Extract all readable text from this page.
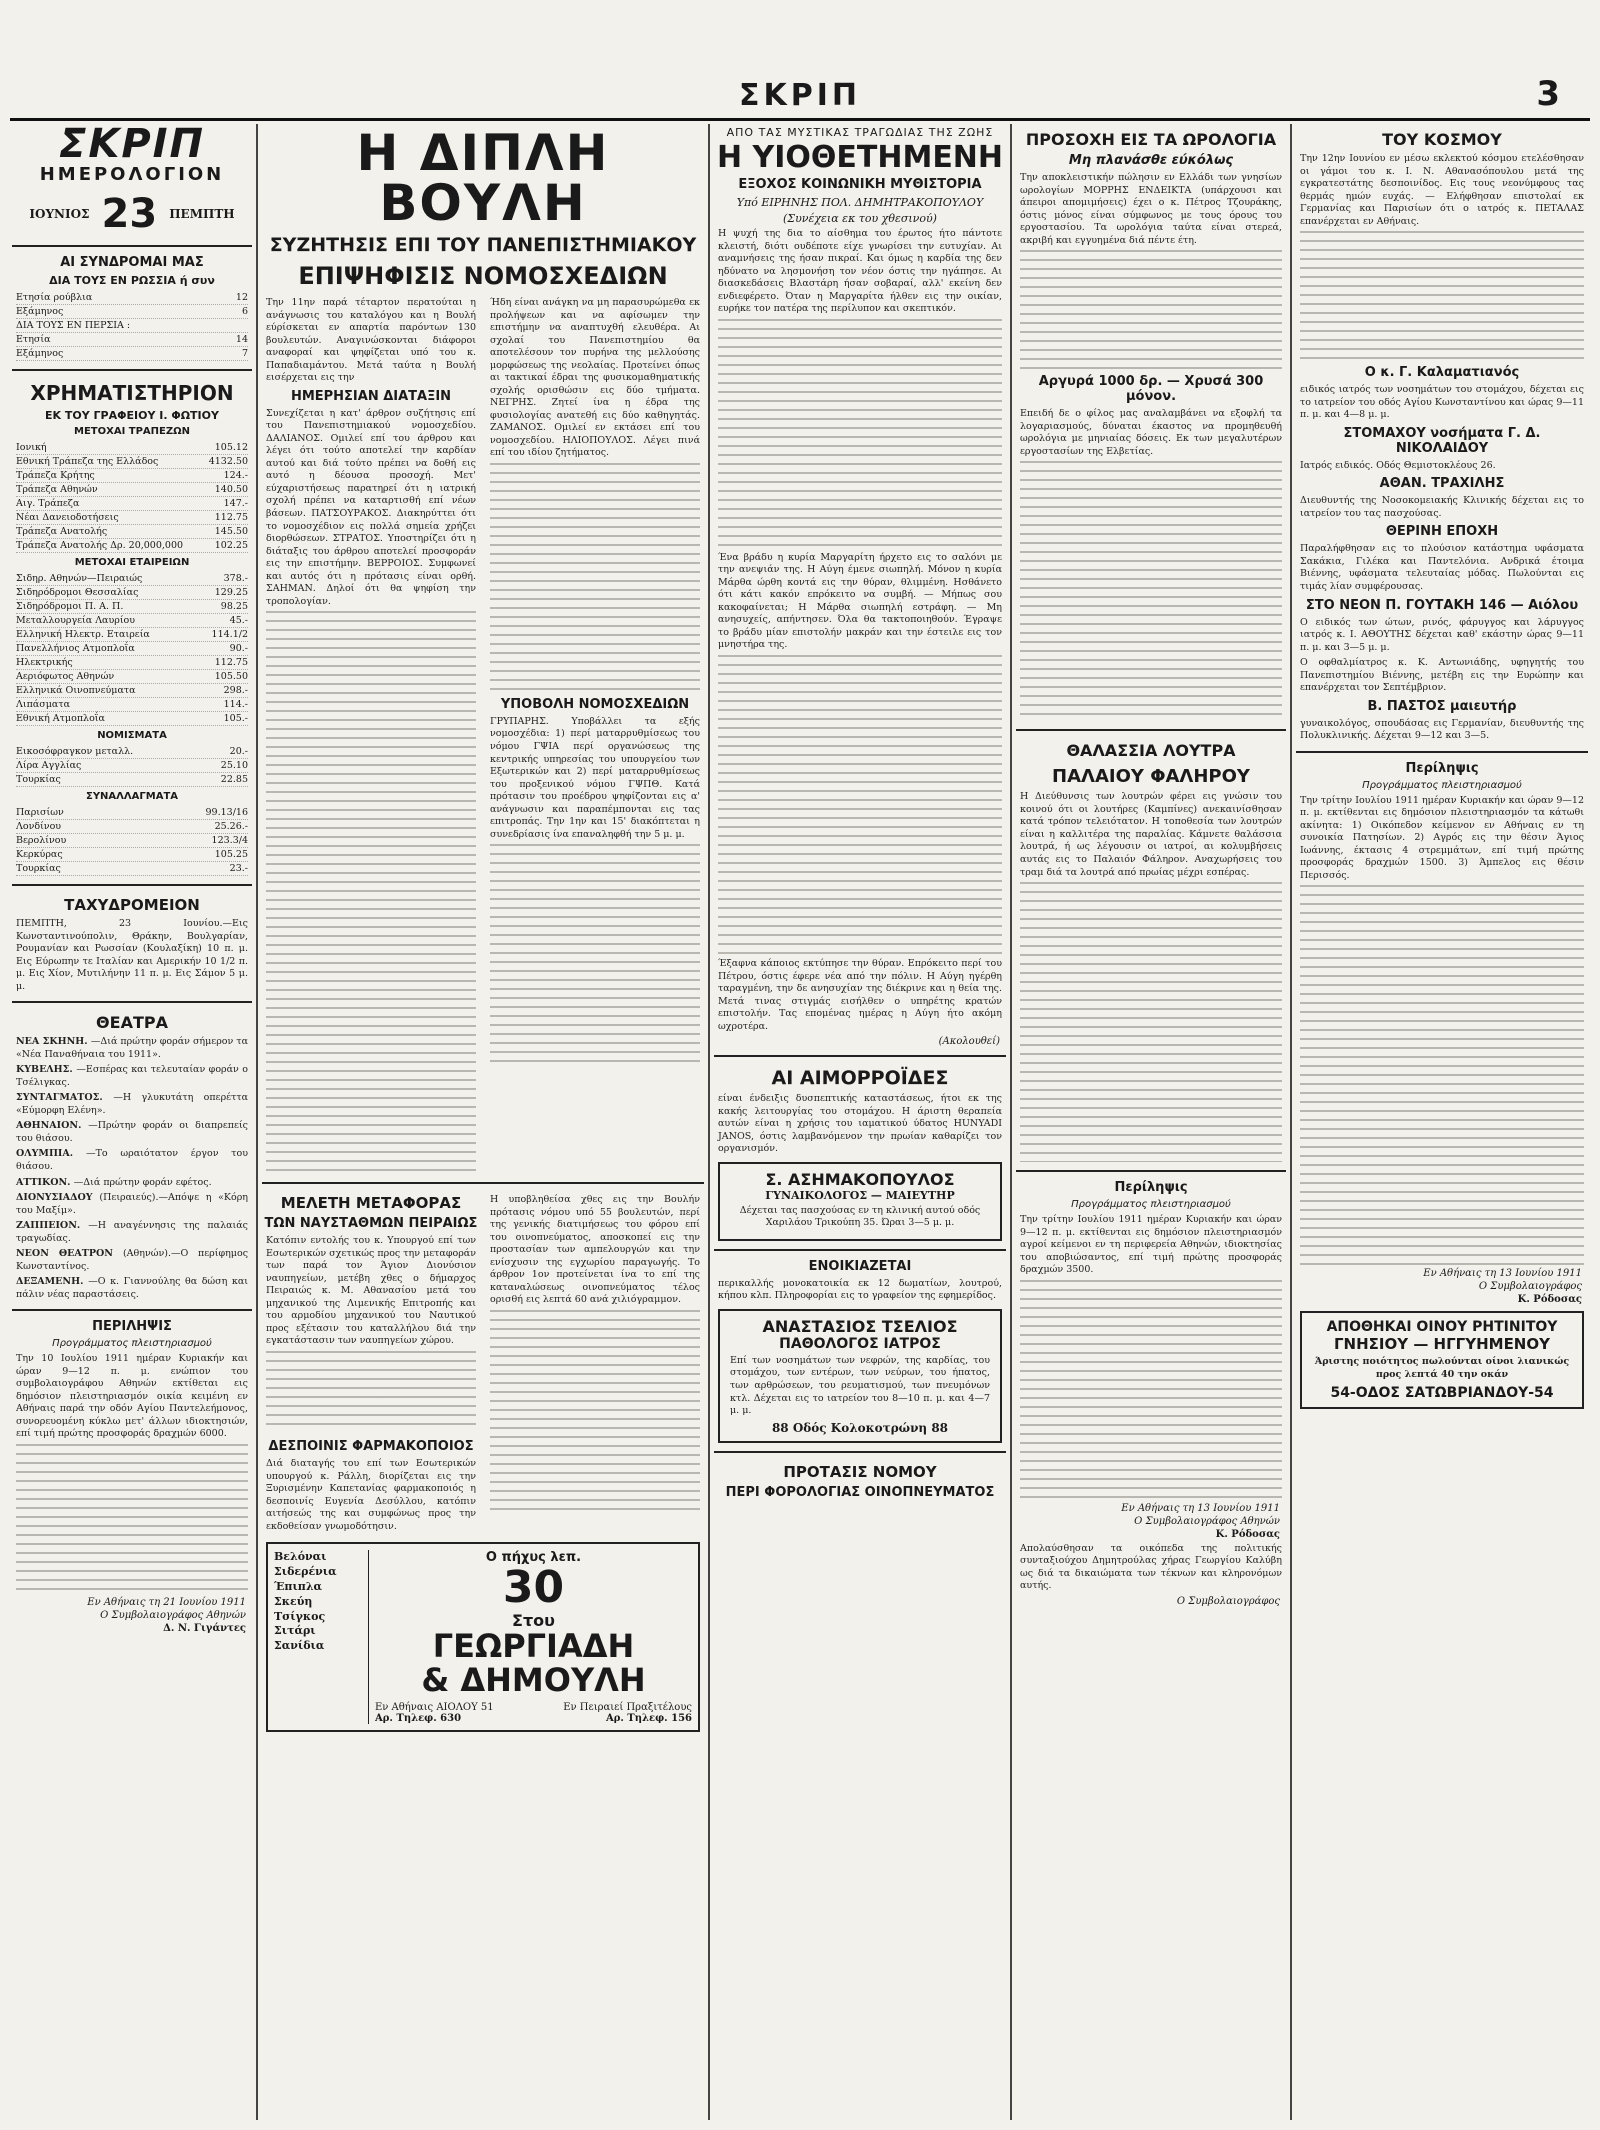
ΣΚΡΙΠ	3
ΣΚΡΙΠ
ΗΜΕΡΟΛΟΓΙΟΝ
ΙΟΥΝΙΟΣ 23 ΠΕΜΠΤΗ
ΑΙ ΣΥΝΔΡΟΜΑΙ ΜΑΣ
ΔΙΑ ΤΟΥΣ ΕΝ ΡΩΣΣΙΑ ή συν
Ετησία ρούβλια	12
Εξάμηνος	6
ΔΙΑ ΤΟΥΣ ΕΝ ΠΕΡΣΙΑ :
Ετησία	14
Εξάμηνος	7
ΧΡΗΜΑΤΙΣΤΗΡΙΟΝ
ΕΚ ΤΟΥ ΓΡΑΦΕΙΟΥ Ι. ΦΩΤΙΟΥ
ΜΕΤΟΧΑΙ ΤΡΑΠΕΖΩΝ
Ιονική	105.12
Εθνική Τράπεζα της Ελλάδος	4132.50
Τράπεζα Κρήτης	124.-
Τράπεζα Αθηνών	140.50
Αιγ. Τράπεζα	147.-
Νέαι Δανειοδοτήσεις	112.75
Τράπεζα Ανατολής	145.50
Τράπεζα Ανατολής Δρ. 20,000,000	102.25
ΜΕΤΟΧΑΙ ΕΤΑΙΡΕΙΩΝ
Σιδηρ. Αθηνών—Πειραιώς	378.-
Σιδηρόδρομοι Θεσσαλίας	129.25
Σιδηρόδρομοι Π. Α. Π.	98.25
Μεταλλουργεία Λαυρίου	45.-
Ελληνική Ηλεκτρ. Εταιρεία	114.1/2
Πανελλήνιος Ατμοπλοΐα	90.-
Ηλεκτρικής	112.75
Αεριόφωτος Αθηνών	105.50
Ελληνικά Οινοπνεύματα	298.-
Λιπάσματα	114.-
Εθνική Ατμοπλοΐα	105.-
ΝΟΜΙΣΜΑΤΑ
Εικοσόφραγκον μεταλλ.	20.-
Λίρα Αγγλίας	25.10
Τουρκίας	22.85
ΣΥΝΑΛΛΑΓΜΑΤΑ
Παρισίων	99.13/16
Λονδίνου	25.26.-
Βερολίνου	123.3/4
Κερκύρας	105.25
Τουρκίας	23.-
ΤΑΧΥΔΡΟΜΕΙΟΝ
ΠΕΜΠΤΗ, 23 Ιουνίου.—Εις Κωνσταντινούπολιν, Θράκην, Βουλγαρίαν, Ρουμανίαν και Ρωσσίαν (Κουλαξίκη) 10 π. μ. Εις Εύρωπην τε Ιταλίαν και Αμερικήν 10 1/2 π. μ. Εις Χίον, Μυτιλήνην 11 π. μ. Εις Σάμον 5 μ. μ.
ΘΕΑΤΡΑ
ΝΕΑ ΣΚΗΝΗ. —Διά πρώτην φοράν σήμερον τα «Νέα Παναθήναια του 1911».
ΚΥΒΕΛΗΣ. —Εσπέρας και τελευταίαν φοράν ο Τσέλιγκας.
ΣΥΝΤΑΓΜΑΤΟΣ. —Η γλυκυτάτη οπερέττα «Εύμορφη Ελένη».
ΑΘΗΝΑΙΟΝ. —Πρώτην φοράν οι διαπρεπείς του θιάσου.
ΟΛΥΜΠΙΑ. —Το ωραιότατον έργον του θιάσου.
ΑΤΤΙΚΟΝ. —Διά πρώτην φοράν εφέτος.
ΔΙΟΝΥΣΙΑΔΟΥ (Πειραιεύς).—Απόψε η «Κόρη του Μαξίμ».
ΖΑΠΠΕΙΟΝ. —Η αναγέννησις της παλαιάς τραγωδίας.
ΝΕΟΝ ΘΕΑΤΡΟΝ (Αθηνών).—Ο περίφημος Κωνσταντίνος.
ΔΕΞΑΜΕΝΗ. —Ο κ. Γιαννούλης θα δώση και πάλιν νέας παραστάσεις.
ΠΕΡΙΛΗΨΙΣ
Προγράμματος πλειστηριασμού
Την 10 Ιουλίου 1911 ημέραν Κυριακήν και ώραν 9—12 π. μ. ενώπιον του συμβολαιογράφου Αθηνών εκτίθεται εις δημόσιον πλειστηριασμόν οικία κειμένη εν Αθήναις παρά την οδόν Αγίου Παντελεήμονος, συνορευομένη κύκλω μετ' άλλων ιδιοκτησιών, επί τιμή πρώτης προσφοράς δραχμών 6000.
Εν Αθήναις τη 21 Ιουνίου 1911
Ο Συμβολαιογράφος Αθηνών
Δ. Ν. Γιγάντες
Η ΔΙΠΛΗ ΒΟΥΛΗ
ΣΥΖΗΤΗΣΙΣ ΕΠΙ ΤΟΥ ΠΑΝΕΠΙΣΤΗΜΙΑΚΟΥ
ΕΠΙΨΗΦΙΣΙΣ ΝΟΜΟΣΧΕΔΙΩΝ
Την 11ην παρά τέταρτον περατούται η ανάγνωσις του καταλόγου και η Βουλή εύρίσκεται εν απαρτία παρόντων 130 βουλευτών. Αναγινώσκονται διάφοροι αναφοραί και ψηφίζεται υπό του κ. Παπαδιαμάντου. Μετά ταύτα η Βουλή εισέρχεται εις την
ΗΜΕΡΗΣΙΑΝ ΔΙΑΤΑΞΙΝ
Συνεχίζεται η κατ' άρθρον συζήτησις επί του Πανεπιστημιακού νομοσχεδίου. ΔΑΛΙΑΝΟΣ. Ομιλεί επί του άρθρου και λέγει ότι τούτο αποτελεί την καρδίαν αυτού και διά τούτο πρέπει να δοθή εις αυτό η δέουσα προσοχή. Μετ' εύχαριστήσεως παρατηρεί ότι η ιατρική σχολή πρέπει να καταρτισθή επί νέων βάσεων. ΠΑΤΣΟΥΡΑΚΟΣ. Διακηρύττει ότι το νομοσχέδιον εις πολλά σημεία χρήζει διορθώσεων. ΣΤΡΑΤΟΣ. Υποστηρίζει ότι η διάταξις του άρθρου αποτελεί προσφοράν εις την επιστήμην. ΒΕΡΡΟΙΟΣ. Συμφωνεί και αυτός ότι η πρότασις είναι ορθή. ΣΑΗΜΑΝ. Δηλοί ότι θα ψηφίση την τροπολογίαν.
Ήδη είναι ανάγκη να μη παρασυρώμεθα εκ προλήψεων και να αφίσωμεν την επιστήμην να αναπτυχθή ελευθέρα. Αι σχολαί του Πανεπιστημίου θα αποτελέσουν τον πυρήνα της μελλούσης μορφώσεως της νεολαίας. Προτείνει όπως αι τακτικαί έδραι της φυσικομαθηματικής σχολής ορισθώσιν εις δύο τμήματα. ΝΕΓΡΗΣ. Ζητεί ίνα η έδρα της φυσιολογίας ανατεθή εις δύο καθηγητάς. ΖΑΜΑΝΟΣ. Ομιλεί εν εκτάσει επί του νομοσχεδίου. ΗΛΙΟΠΟΥΛΟΣ. Λέγει πινά επί του ιδίου ζητήματος.
ΥΠΟΒΟΛΗ ΝΟΜΟΣΧΕΔΙΩΝ
ΓΡΥΠΑΡΗΣ. Υποβάλλει τα εξής νομοσχέδια: 1) περί ματαρρυθμίσεως του νόμου ΓΨΙΑ περί οργανώσεως της κεντρικής υπηρεσίας του υπουργείου των Εξωτερικών και 2) περί ματαρρυθμίσεως του προξενικού νόμου ΓΨΠΘ. Κατά πρότασιν του προέδρου ψηφίζονται εις α' ανάγνωσιν και παραπέμπονται εις τας επιτροπάς. Την 1ην και 15' διακόπτεται η συνεδρίασις ίνα επαναληφθή την 5 μ. μ.
ΜΕΛΕΤΗ ΜΕΤΑΦΟΡΑΣ
ΤΩΝ ΝΑΥΣΤΑΘΜΩΝ ΠΕΙΡΑΙΩΣ
Κατόπιν εντολής του κ. Υπουργού επί των Εσωτερικών σχετικώς προς την μεταφοράν των παρά τον Άγιον Διονύσιον ναυπηγείων, μετέβη χθες ο δήμαρχος Πειραιώς κ. Μ. Αθανασίου μετά του μηχανικού της Λιμενικής Επιτροπής και του αρμοδίου μηχανικού του Ναυτικού προς εξέτασιν του καταλλήλου διά την εγκατάστασιν των ναυπηγείων χώρου.
ΔΕΣΠΟΙΝΙΣ ΦΑΡΜΑΚΟΠΟΙΟΣ
Διά διαταγής του επί των Εσωτερικών υπουργού κ. Ράλλη, διορίζεται εις την Ξυρισμένην Καπετανίας φαρμακοποιός η δεσποινίς Ευγενία Δεσύλλου, κατόπιν αιτήσεώς της και συμφώνως προς την εκδοθείσαν γνωμοδότησιν.
Η υποβληθείσα χθες εις την Βουλήν πρότασις νόμου υπό 55 βουλευτών, περί της γενικής διατιμήσεως του φόρου επί του οινοπνεύματος, αποσκοπεί εις την προστασίαν των αμπελουργών και την ενίσχυσιν της εγχωρίου παραγωγής. Το άρθρον 1ον προτείνεται ίνα το επί της καταναλώσεως οινοπνεύματος τέλος ορισθή εις λεπτά 60 ανά χιλιόγραμμον.
Βελόναι
Σιδερένια
Έπιπλα
Σκεύη
Τσίγκος
Σιτάρι
Σανίδια
Ο πήχυς λεπ.
30
Στου
ΓΕΩΡΓΙΑΔΗ
& ΔΗΜΟΥΛΗ
Εν Αθήναις ΑΙΟΛΟΥ 51	Εν Πειραιεί Πραξιτέλους
Αρ. Τηλεφ. 630	Αρ. Τηλεφ. 156
ΑΠΟ ΤΑΣ ΜΥΣΤΙΚΑΣ ΤΡΑΓΩΔΙΑΣ ΤΗΣ ΖΩΗΣ
Η ΥΙΟΘΕΤΗΜΕΝΗ
ΕΞΟΧΟΣ ΚΟΙΝΩΝΙΚΗ ΜΥΘΙΣΤΟΡΙΑ
Υπό ΕΙΡΗΝΗΣ ΠΟΛ. ΔΗΜΗΤΡΑΚΟΠΟΥΛΟΥ
(Συνέχεια εκ του χθεσινού)
Η ψυχή της δια το αίσθημα του έρωτος ήτο πάντοτε κλειστή, διότι ουδέποτε είχε γνωρίσει την ευτυχίαν. Αι αναμνήσεις της ήσαν πικραί. Και όμως η καρδία της δεν ηδύνατο να λησμονήση τον νέον όστις την ηγάπησε. Αι διασκεδάσεις Βλαστάρη ήσαν σοβαραί, αλλ' εκείνη δεν ενδιεφέρετο. Όταν η Μαργαρίτα ήλθεν εις την οικίαν, ευρήκε τον πατέρα της περίλυπον και σκεπτικόν.
Ένα βράδυ η κυρία Μαργαρίτη ήρχετο εις το σαλόνι με την ανεψιάν της. Η Αύγη έμενε σιωπηλή. Μόνον η κυρία Μάρθα ώρθη κοντά εις την θύραν, θλιμμένη. Ησθάνετο ότι κάτι κακόν επρόκειτο να συμβή. — Μήπως σου κακοφαίνεται; Η Μάρθα σιωπηλή εστράφη. — Μη ανησυχείς, απήντησεν. Όλα θα τακτοποιηθούν. Έγραψε το βράδυ μίαν επιστολήν μακράν και την έστειλε εις τον μνηστήρα της.
Έξαφνα κάποιος εκτύπησε την θύραν. Επρόκειτο περί του Πέτρου, όστις έφερε νέα από την πόλιν. Η Αύγη ηγέρθη ταραγμένη, την δε ανησυχίαν της διέκρινε και η θεία της. Μετά τινας στιγμάς εισήλθεν ο υπηρέτης κρατών επιστολήν. Τας επομένας ημέρας η Αύγη ήτο ακόμη ωχροτέρα.
(Ακολουθεί)
ΑΙ ΑΙΜΟΡΡΟΪΔΕΣ
είναι ένδειξις δυσπεπτικής καταστάσεως, ήτοι εκ της κακής λειτουργίας του στομάχου. Η άριστη θεραπεία αυτών είναι η χρήσις του ιαματικού ύδατος HUNYADI JANOS, όστις λαμβανόμενον την πρωίαν καθαρίζει τον οργανισμόν.
Σ. ΑΣΗΜΑΚΟΠΟΥΛΟΣ
ΓΥΝΑΙΚΟΛΟΓΟΣ — ΜΑΙΕΥΤΗΡ
Δέχεται τας πασχούσας εν τη κλινική αυτού οδός Χαριλάου Τρικούπη 35. Ώραι 3—5 μ. μ.
ΕΝΟΙΚΙΑΖΕΤΑΙ
περικαλλής μονοκατοικία εκ 12 δωματίων, λουτρού, κήπου κλπ. Πληροφορίαι εις το γραφείον της εφημερίδος.
ΑΝΑΣΤΑΣΙΟΣ ΤΣΕΛΙΟΣ
ΠΑΘΟΛΟΓΟΣ ΙΑΤΡΟΣ
Επί των νοσημάτων των νεφρών, της καρδίας, του στομάχου, των εντέρων, των νεύρων, του ήπατος, των αρθρώσεων, του ρευματισμού, των πνευμόνων κτλ. Δέχεται εις το ιατρείον του 8—10 π. μ. και 4—7 μ. μ.
88 Οδός Κολοκοτρώνη 88
ΠΡΟΤΑΣΙΣ ΝΟΜΟΥ
ΠΕΡΙ ΦΟΡΟΛΟΓΙΑΣ ΟΙΝΟΠΝΕΥΜΑΤΟΣ
ΠΡΟΣΟΧΗ ΕΙΣ ΤΑ ΩΡΟΛΟΓΙΑ
Μη πλανάσθε εύκόλως
Την αποκλειστικήν πώλησιν εν Ελλάδι των γνησίων ωρολογίων ΜΟΡΡΗΣ ΕΝΔΕΙΚΤΑ (υπάρχουσι και άπειροι απομιμήσεις) έχει ο κ. Πέτρος Τζουράκης, όστις μόνος είναι σύμφωνος με τους όρους του εργοστασίου. Τα ωρολόγια ταύτα είναι στερεά, ακριβή και εγγυημένα διά πέντε έτη.
Αργυρά 1000 δρ. — Χρυσά 300 μόνον.
Επειδή δε ο φίλος μας αναλαμβάνει να εξοφλή τα λογαριασμούς, δύναται έκαστος να προμηθευθή ωρολόγια με μηνιαίας δόσεις. Εκ των μεγαλυτέρων εργοστασίων της Ελβετίας.
ΘΑΛΑΣΣΙΑ ΛΟΥΤΡΑ
ΠΑΛΑΙΟΥ ΦΑΛΗΡΟΥ
Η Διεύθυνσις των λουτρών φέρει εις γνώσιν του κοινού ότι οι λουτήρες (Καμπίνες) ανεκαινίσθησαν κατά τρόπον τελειότατον. Η τοποθεσία των λουτρών είναι η καλλιτέρα της παραλίας. Κάμνετε θαλάσσια λουτρά, ή ως λέγουσιν οι ιατροί, αι κολυμβήσεις αυτάς εις το Παλαιόν Φάληρον. Αναχωρήσεις του τραμ διά τα λουτρά από πρωίας μέχρι εσπέρας.
Περίληψις
Προγράμματος πλειστηριασμού
Την τρίτην Ιουλίου 1911 ημέραν Κυριακήν και ώραν 9—12 π. μ. εκτίθενται εις δημόσιον πλειστηριασμόν αγροί κείμενοι εν τη περιφερεία Αθηνών, ιδιοκτησίας του αποβιώσαντος, επί τιμή πρώτης προσφοράς δραχμών 3500.
Εν Αθήναις τη 13 Ιουνίου 1911
Ο Συμβολαιογράφος Αθηνών
Κ. Ρόδοσας
Απολαύσθησαν τα οικόπεδα της πολιτικής συνταξιούχου Δημητρούλας χήρας Γεωργίου Καλύβη ως διά τα δικαιώματα των τέκνων και κληρονόμων αυτής.
Ο Συμβολαιογράφος
ΤΟΥ ΚΟΣΜΟΥ
Την 12ην Ιουνίου εν μέσω εκλεκτού κόσμου ετελέσθησαν οι γάμοι του κ. Ι. Ν. Αθανασόπουλου μετά της εγκρατεστάτης δεσποινίδος. Εις τους νεονύμφους τας θερμάς ημών ευχάς. — Ελήφθησαν επιστολαί εκ Γερμανίας και Παρισίων ότι ο ιατρός κ. ΠΕΤΑΛΑΣ επανέρχεται εν Αθήναις.
Ο κ. Γ. Καλαματιανός
ειδικός ιατρός των νοσημάτων του στομάχου, δέχεται εις το ιατρείον του οδός Αγίου Κωνσταντίνου και ώρας 9—11 π. μ. και 4—8 μ. μ.
ΣΤΟΜΑΧΟΥ νοσήματα Γ. Δ. ΝΙΚΟΛΑΙΔΟΥ
Ιατρός ειδικός. Οδός Θεμιστοκλέους 26.
ΑΘΑΝ. ΤΡΑΧΙΛΗΣ
Διευθυντής της Νοσοκομειακής Κλινικής δέχεται εις το ιατρείον του τας πασχούσας.
ΘΕΡΙΝΗ ΕΠΟΧΗ
Παραλήφθησαν εις το πλούσιον κατάστημα υφάσματα Σακάκια, Γιλέκα και Παντελόνια. Ανδρικά έτοιμα Βιέννης, υφάσματα τελευταίας μόδας. Πωλούνται εις τιμάς λίαν συμφέρουσας.
ΣΤΟ ΝΕΟΝ Π. ΓΟΥΤΑΚΗ 146 — Αιόλου
Ο ειδικός των ώτων, ρινός, φάρυγγος και λάρυγγος ιατρός κ. Ι. ΑΘΟΥΤΗΣ δέχεται καθ' εκάστην ώρας 9—11 π. μ. και 3—5 μ. μ.
Ο οφθαλμίατρος κ. Κ. Αντωνιάδης, υφηγητής του Πανεπιστημίου Βιέννης, μετέβη εις την Ευρώπην και επανέρχεται τον Σεπτέμβριον.
Β. ΠΑΣΤΟΣ μαιευτήρ
γυναικολόγος, σπουδάσας εις Γερμανίαν, διευθυντής της Πολυκλινικής. Δέχεται 9—12 και 3—5.
Περίληψις
Προγράμματος πλειστηριασμού
Την τρίτην Ιουλίου 1911 ημέραν Κυριακήν και ώραν 9—12 π. μ. εκτίθενται εις δημόσιον πλειστηριασμόν τα κάτωθι ακίνητα: 1) Οικόπεδον κείμενον εν Αθήναις εν τη συνοικία Πατησίων. 2) Αγρός εις την θέσιν Άγιος Ιωάννης, έκτασις 4 στρεμμάτων, επί τιμή πρώτης προσφοράς δραχμών 1500. 3) Άμπελος εις θέσιν Περισσός.
Εν Αθήναις τη 13 Ιουνίου 1911
Ο Συμβολαιογράφος
Κ. Ρόδοσας
ΑΠΟΘΗΚΑΙ ΟΙΝΟΥ ΡΗΤΙΝΙΤΟΥ
ΓΝΗΣΙΟΥ — ΗΓΓΥΗΜΕΝΟΥ
Άριστης ποιότητος πωλούνται οίνοι λιανικώς προς λεπτά 40 την οκάν
54-ΟΔΟΣ ΣΑΤΩΒΡΙΑΝΔΟΥ-54
